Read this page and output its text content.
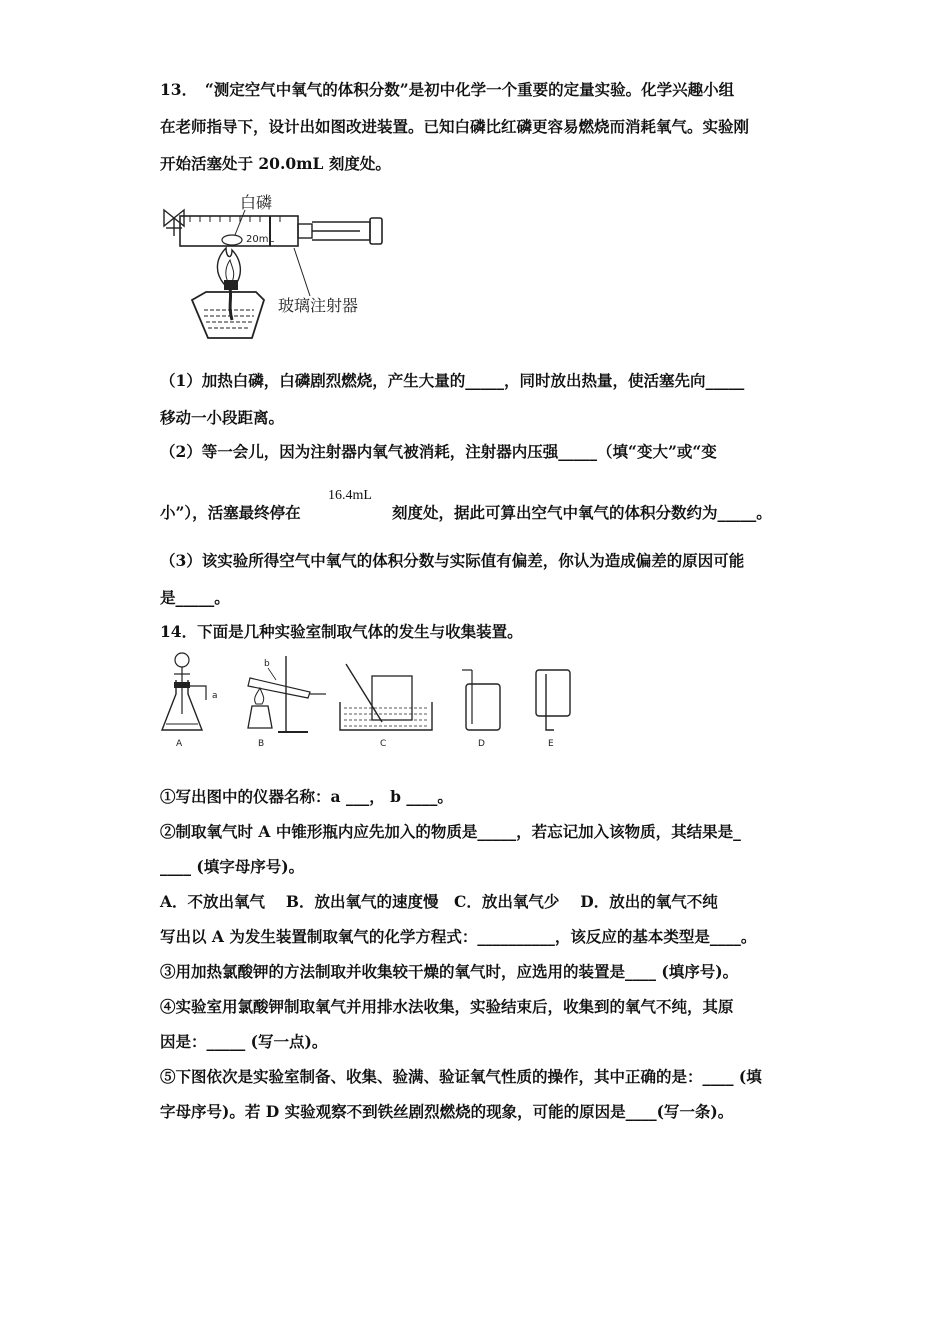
13．　“测定空气中氧气的体积分数”是初中化学一个重要的定量实验。化学兴趣小组
在老师指导下，设计出如图改进装置。已知白磷比红磷更容易燃烧而消耗氧气。实验刚
开始活塞处于 20.0mL 刻度处。
白磷
20mL
玻璃注射器
（1）加热白磷，白磷剧烈燃烧，产生大量的_____，同时放出热量，使活塞先向_____
移动一小段距离。
（2）等一会儿，因为注射器内氧气被消耗，注射器内压强_____（填“变大”或“变
小”），活塞最终停在
16.4mL
刻度处，据此可算出空气中氧气的体积分数约为_____。
（3）该实验所得空气中氧气的体积分数与实际值有偏差，你认为造成偏差的原因可能
是_____。
14．下面是几种实验室制取气体的发生与收集装置。
a
A
b
B	C	D	E
①写出图中的仪器名称：a ___， b ____。
②制取氧气时 A 中锥形瓶内应先加入的物质是_____，若忘记加入该物质，其结果是_
____ (填字母序号)。
A．不放出氧气　 B．放出氧气的速度慢　C．放出氧气少　 D．放出的氧气不纯
写出以 A 为发生装置制取氧气的化学方程式：__________，该反应的基本类型是____。
③用加热氯酸钾的方法制取并收集较干燥的氧气时，应选用的装置是____ (填序号)。
④实验室用氯酸钾制取氧气并用排水法收集，实验结束后，收集到的氧气不纯，其原
因是：_____ (写一点)。
⑤下图依次是实验室制备、收集、验满、验证氧气性质的操作，其中正确的是：____ (填
字母序号)。若 D 实验观察不到铁丝剧烈燃烧的现象，可能的原因是____(写一条)。
